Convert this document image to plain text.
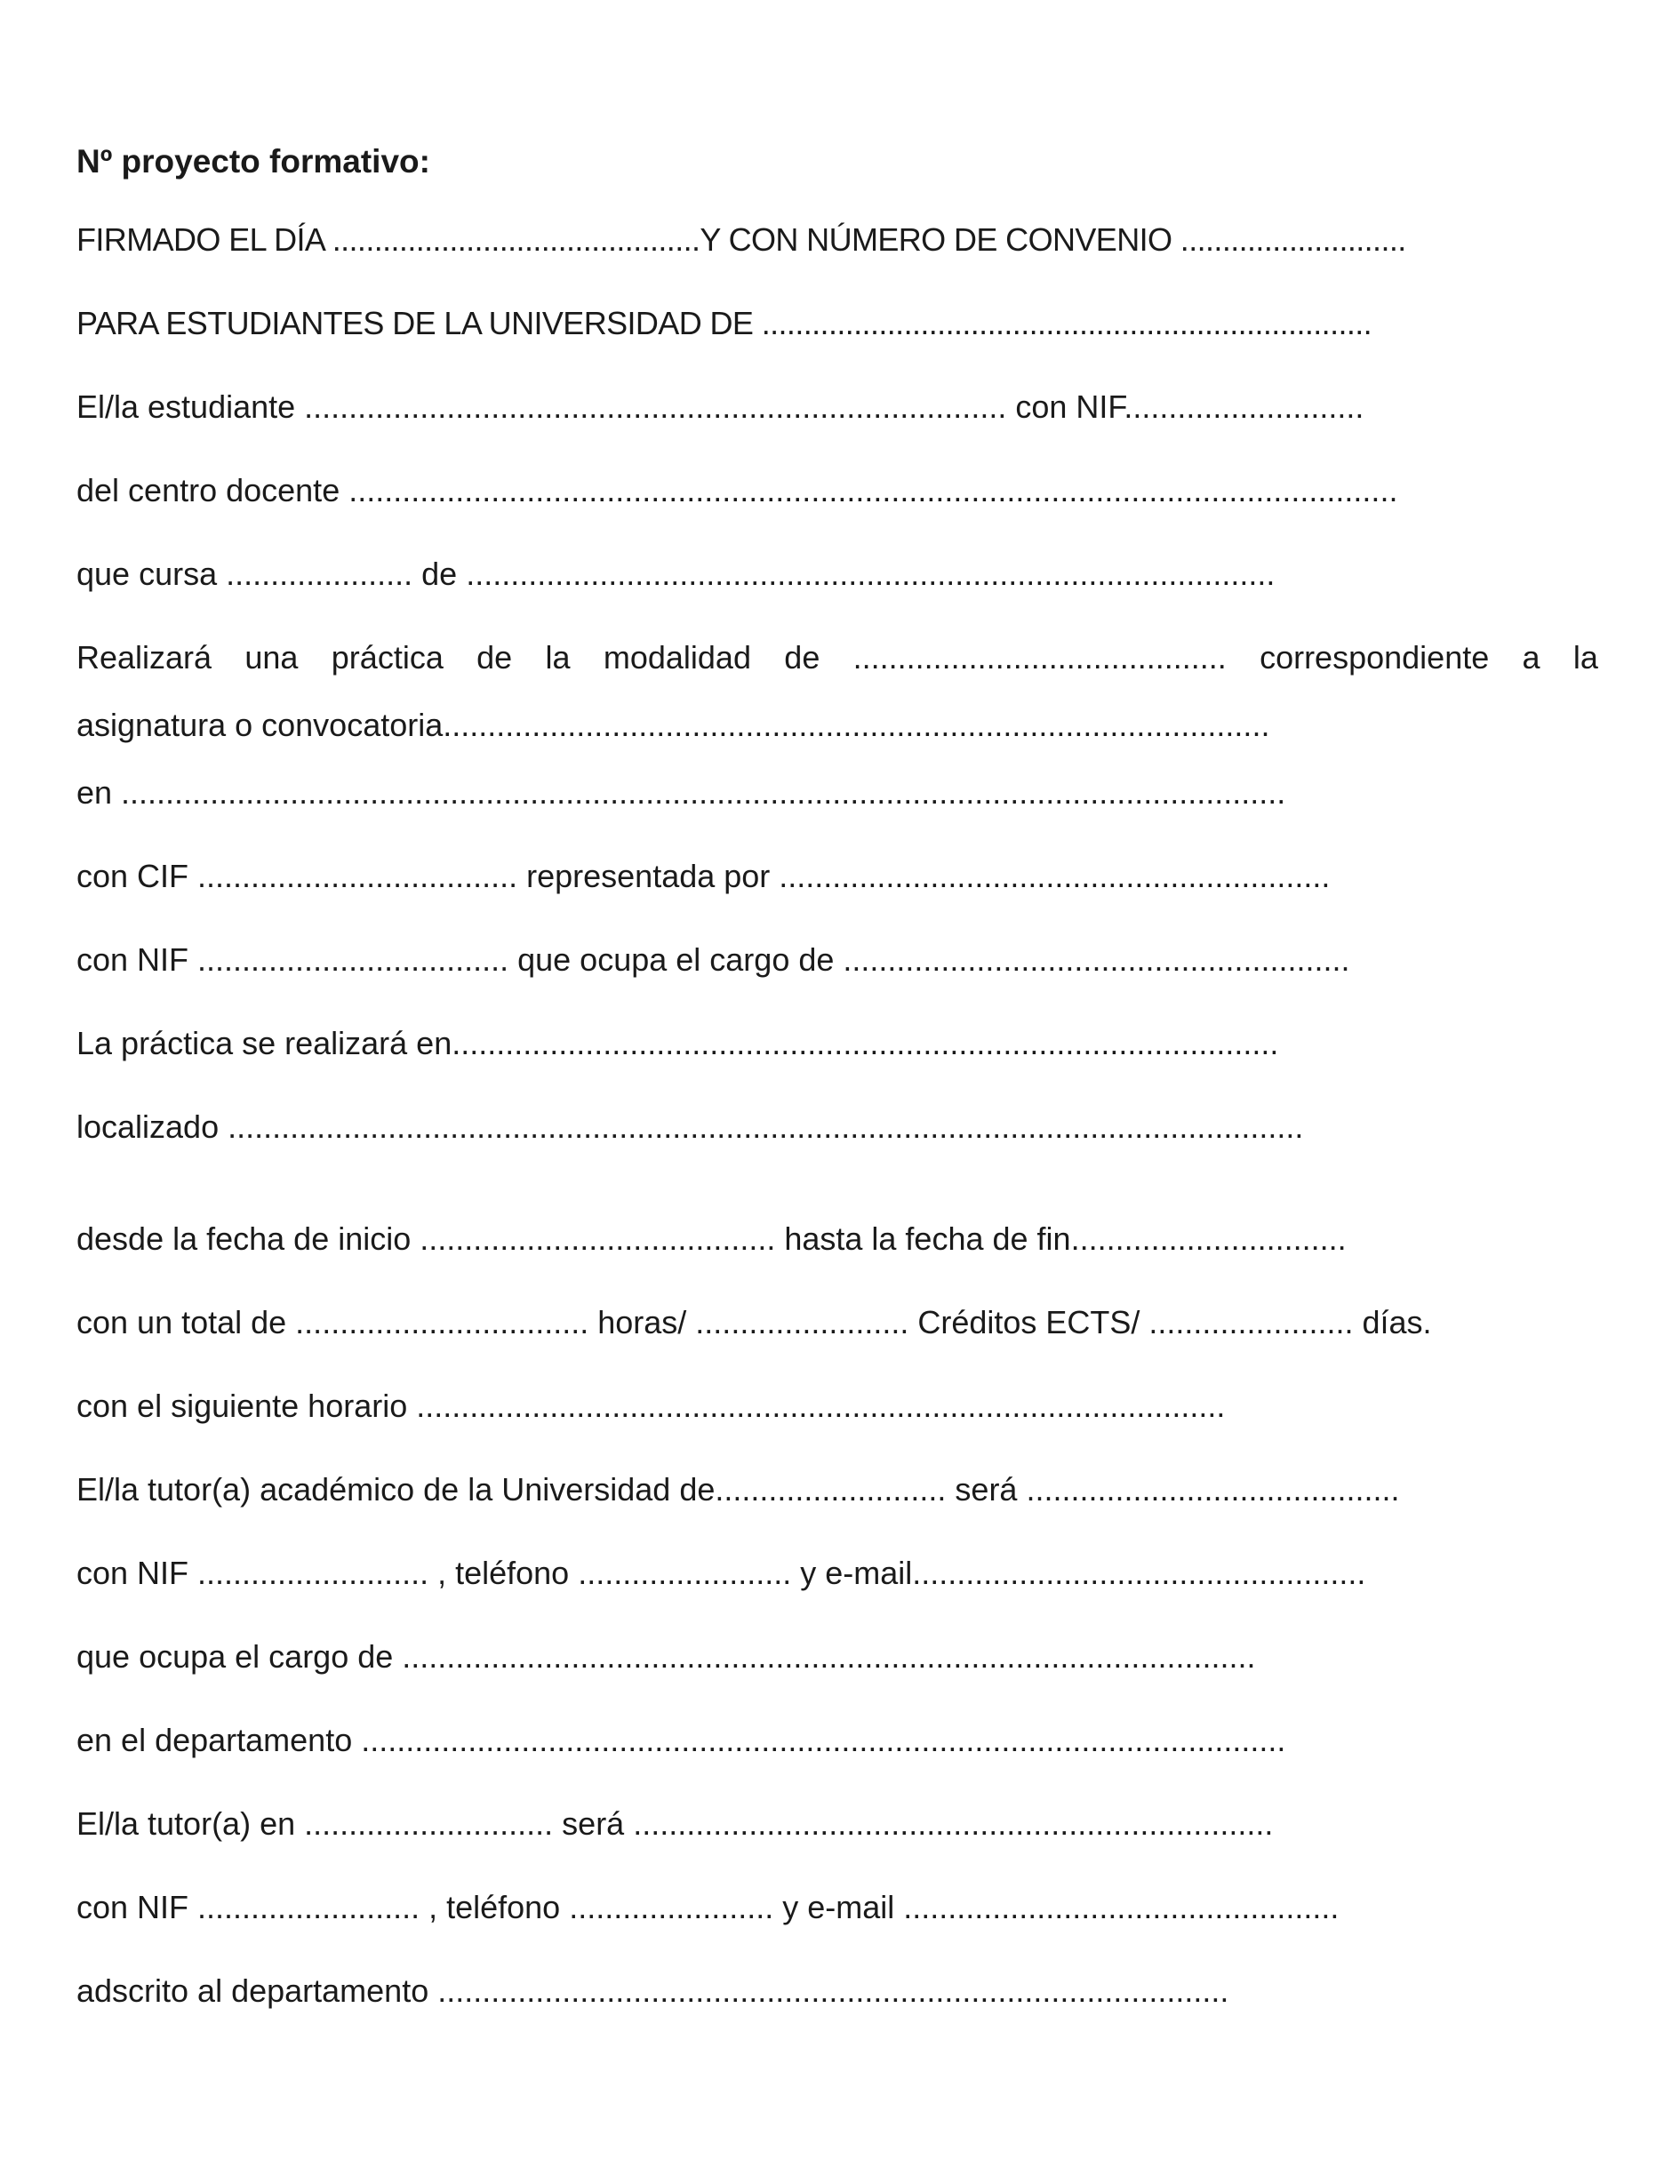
Nº proyecto formativo:
FIRMADO EL DÍA ............................................Y CON NÚMERO DE CONVENIO ...........................
PARA ESTUDIANTES DE LA UNIVERSIDAD DE .........................................................................
El/la estudiante ............................................................................... con NIF...........................
del centro docente ......................................................................................................................
que cursa ..................... de ...........................................................................................
Realizará una práctica de la modalidad de .......................................... correspondiente a la
asignatura o convocatoria.............................................................................................
en ...................................................................................................................................
con CIF .................................... representada por ..............................................................
con NIF ................................... que ocupa el cargo de .........................................................
La práctica se realizará en.............................................................................................
localizado .........................................................................................................................
desde la fecha de inicio ........................................ hasta la fecha de fin...............................
con un total de ................................. horas/ ........................ Créditos ECTS/ ....................... días.
con el siguiente horario ...........................................................................................
El/la tutor(a) académico de la Universidad de.......................... será ..........................................
con NIF .......................... , teléfono ........................ y e-mail...................................................
que ocupa el cargo de ................................................................................................
en el departamento ........................................................................................................
El/la tutor(a) en ............................ será ........................................................................
con NIF ......................... , teléfono ....................... y e-mail .................................................
adscrito al departamento .........................................................................................
